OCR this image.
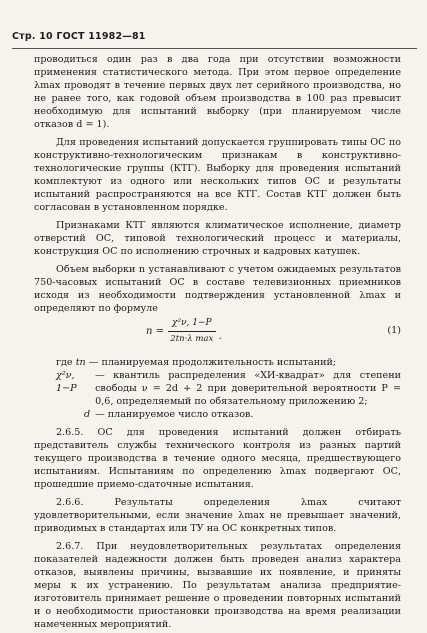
Стр. 10 ГОСТ 11982—81

проводиться один раз в два года при отсутствии возможности применения статистического метода. При этом первое определение λmax проводят в течение первых двух лет серийного производства, но не ранее того, как годовой объем производства в 100 раз превысит необходимую для испытаний выборку (при планируемом числе отказов d = 1).

Для проведения испытаний допускается группировать типы ОС по конструктивно-технологическим признакам в конструктивно-технологические группы (КТГ). Выборку для проведения испытаний комплектуют из одного или нескольких типов ОС и результаты испытаний распространяются на все КТГ. Состав КТГ должен быть согласован в установленном порядке.

Признаками КТГ являются климатическое исполнение, диаметр отверстий ОС, типовой технологический процесс и материалы, конструкция ОС по исполнению строчных и кадровых катушек.

Объем выборки n устанавливают с учетом ожидаемых результатов 750-часовых испытаний ОС в составе телевизионных приемников исходя из необходимости подтверждения установленной λmax и определяют по формуле

$n = \frac{\text{χ²ν, 1−P}}{\text{2tn·λ max}}$ .
(1)
где
tn
— планируемая продолжительность испытаний;
χ²ν, 1−P

— квантиль распределения «ХИ-квадрат» для степени свободы ν = 2d + 2 при доверительной вероятности P = 0,6, определяемый по обязательному приложению 2;
d
— планируемое число отказов.

2.6.5. ОС для проведения испытаний должен отбирать представитель службы технического контроля из разных партий текущего производства в течение одного месяца, предшествующего испытаниям. Испытаниям по определению λmax подвергают ОС, прошедшие приемо-сдаточные испытания.

2.6.6. Результаты определения λmax считают удовлетворительными, если значение λmax не превышает значений, приводимых в стандартах или ТУ на ОС конкретных типов.

2.6.7. При неудовлетворительных результатах определения показателей надежности должен быть проведен анализ характера отказов, выявлены причины, вызвавшие их появление, и приняты меры к их устранению. По результатам анализа предприятие-изготовитель принимает решение о проведении повторных испытаний и о необходимости приостановки производства на время реализации намеченных мероприятий.
